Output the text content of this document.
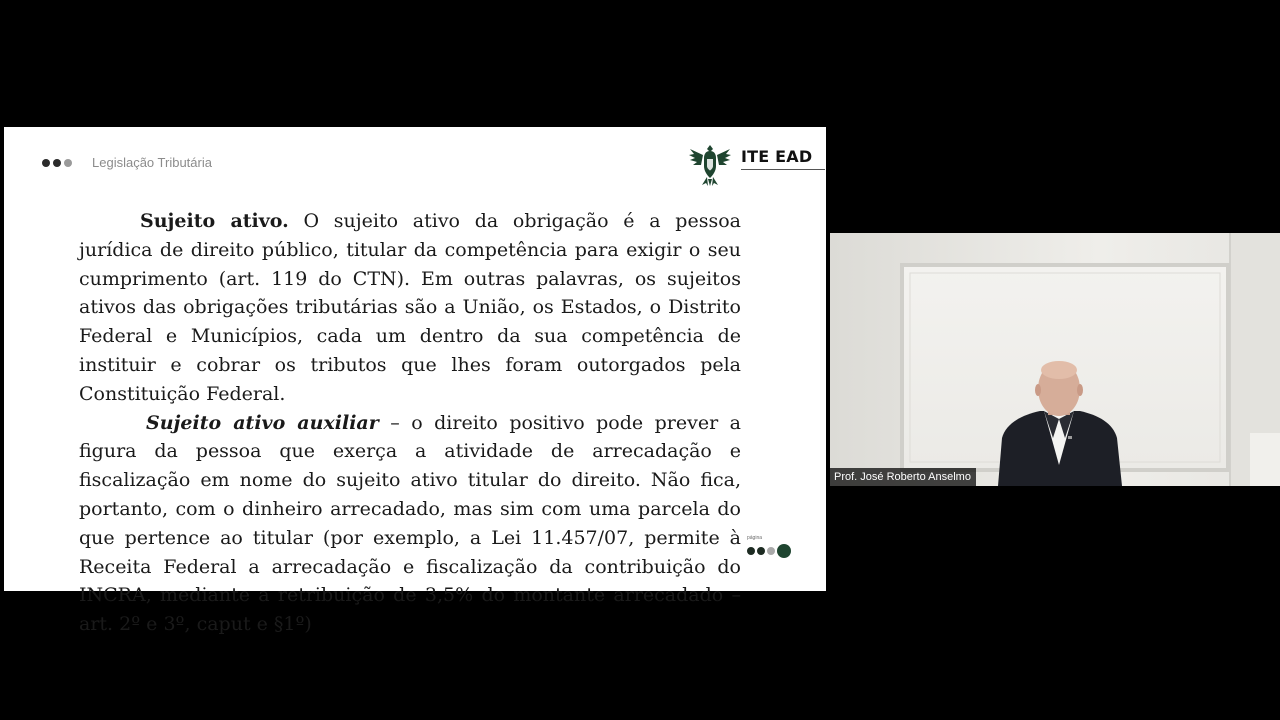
Legislação Tributária	ITE EAD

Sujeito ativo. O sujeito ativo da obrigação é a pessoa jurídica de direito público, titular da competência para exigir o seu cumprimento (art. 119 do CTN). Em outras palavras, os sujeitos ativos das obrigações tributárias são a União, os Estados, o Distrito Federal e Municípios, cada um dentro da sua competência de instituir e cobrar os tributos que lhes foram outorgados pela Constituição Federal.

Sujeito ativo auxiliar – o direito positivo pode prever a figura da pessoa que exerça a atividade de arrecadação e fiscalização em nome do sujeito ativo titular do direito. Não fica, portanto, com o dinheiro arrecadado, mas sim com uma parcela do que pertence ao titular (por exemplo, a Lei 11.457/07, permite à Receita Federal a arrecadação e fiscalização da contribuição do INCRA, mediante a retribuição de 3,5% do montante arrecadado – art. 2º e 3º, caput e §1º)

página
Prof. José Roberto Anselmo
